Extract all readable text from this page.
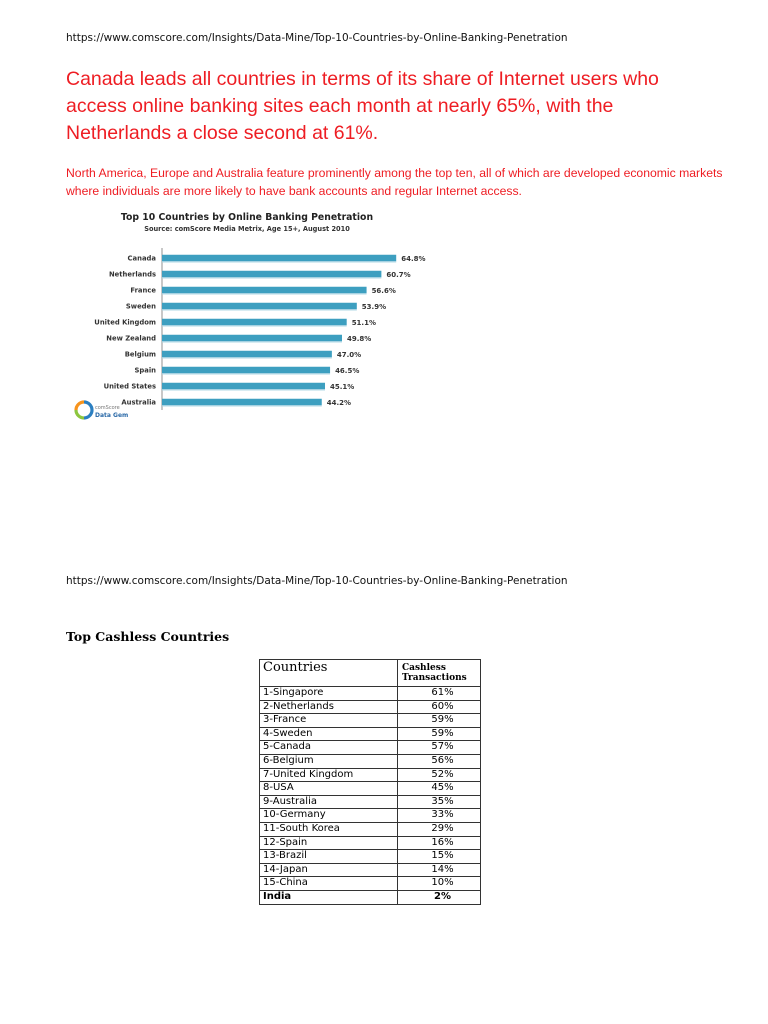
https://www.comscore.com/Insights/Data-Mine/Top-10-Countries-by-Online-Banking-Penetration
Canada leads all countries in terms of its share of Internet users who access online banking sites each month at nearly 65%, with the Netherlands a close second at 61%.
North America, Europe and Australia feature prominently among the top ten, all of which are developed economic markets where individuals are more likely to have bank accounts and regular Internet access.
Top 10 Countries by Online Banking Penetration
Source: comScore Media Metrix, Age 15+, August 2010
Canada	64.8%
Netherlands	60.7%
France	56.6%
Sweden	53.9%
United Kingdom	51.1%
New Zealand	49.8%
Belgium	47.0%
Spain	46.5%
United States	45.1%
Australia	44.2%
comScore
Data Gem
https://www.comscore.com/Insights/Data-Mine/Top-10-Countries-by-Online-Banking-Penetration
Top Cashless Countries
Countries	Cashless Transactions
1-Singapore	61%
2-Netherlands	60%
3-France	59%
4-Sweden	59%
5-Canada	57%
6-Belgium	56%
7-United Kingdom	52%
8-USA	45%
9-Australia	35%
10-Germany	33%
11-South Korea	29%
12-Spain	16%
13-Brazil	15%
14-Japan	14%
15-China	10%
India	2%
